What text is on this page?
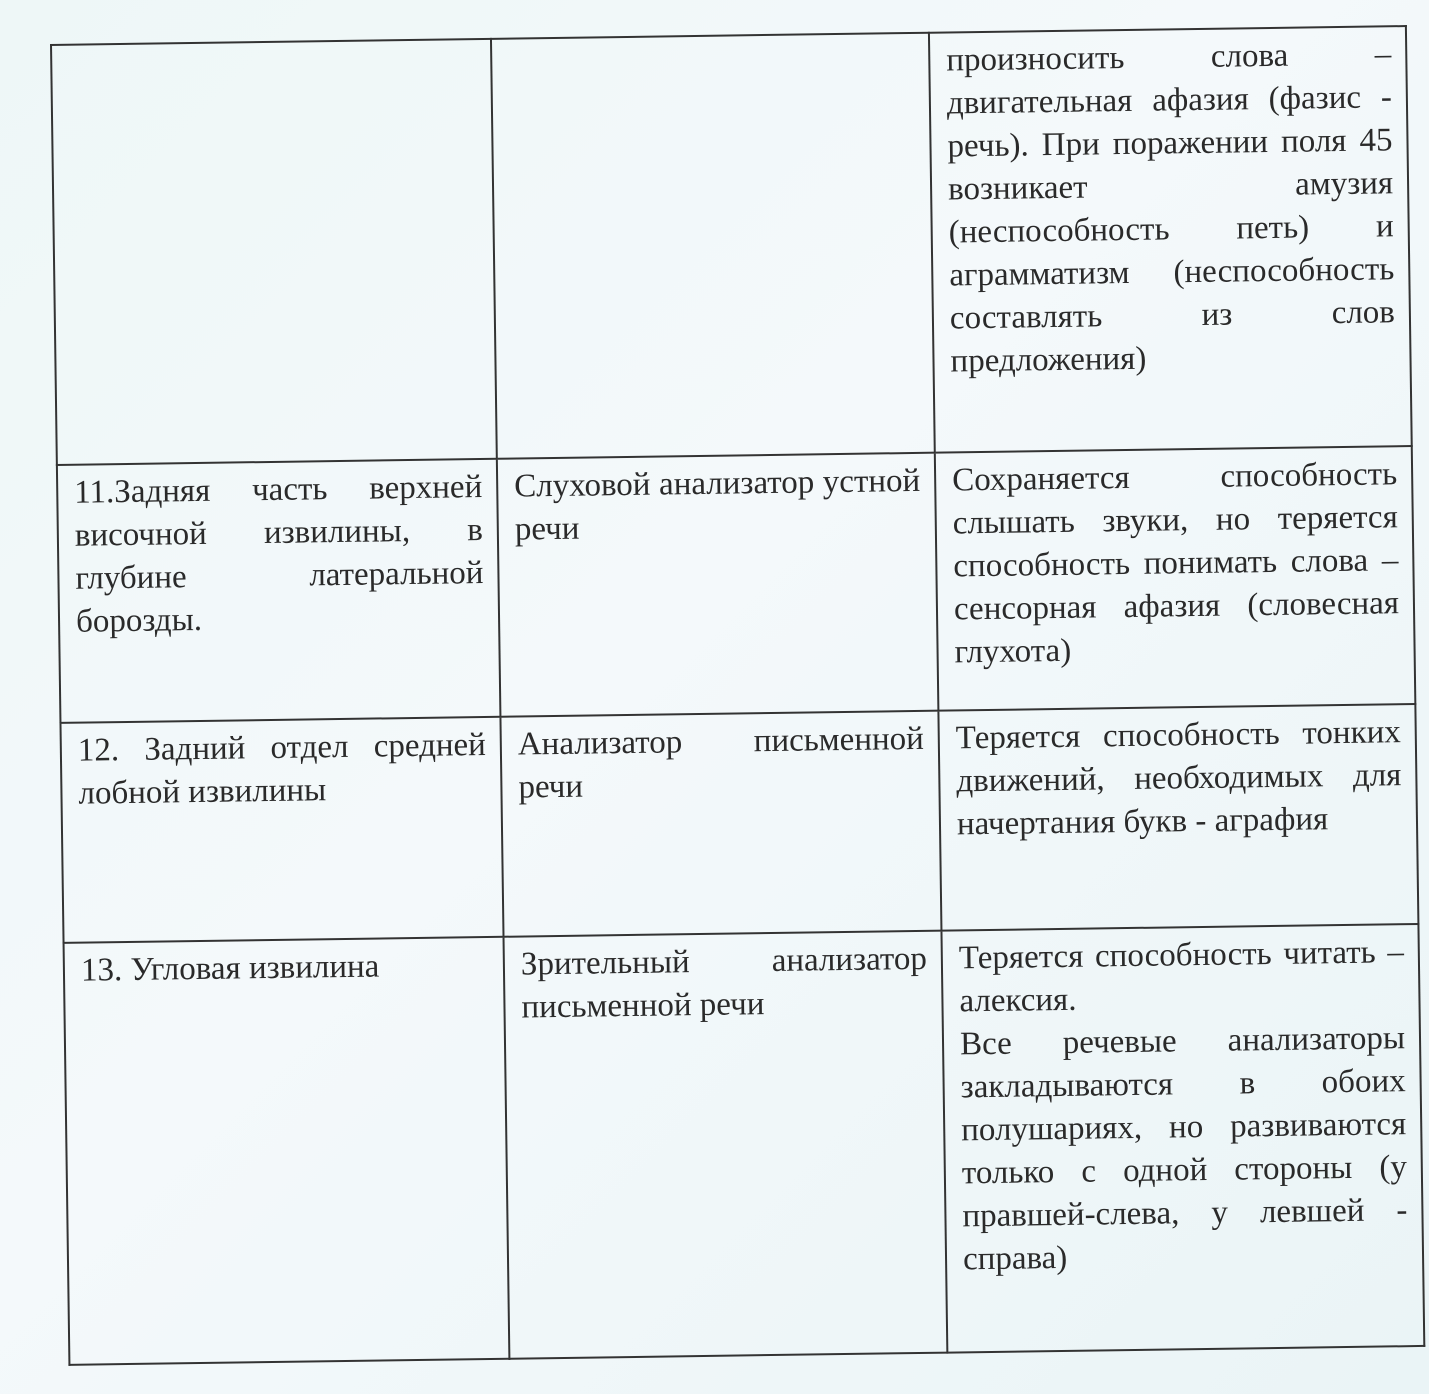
		произносить слова – двигательная афазия (фазис - речь). При поражении поля 45 возникает амузия (неспособность петь) и аграмматизм (неспособность составлять из слов предложения)

11.Задняя часть верхней височной извилины, в глубине латеральной борозды.	Слуховой анализатор устной речи	Сохраняется способность слышать звуки, но теряется способность понимать слова – сенсорная афазия (словесная глухота)

12. Задний отдел средней лобной извилины	Анализатор письменной речи	Теряется способность тонких движений, необходимых для начертания букв - аграфия

13. Угловая извилина	Зрительный анализатор письменной речи	Теряется способность читать – алексия.
Все речевые анализаторы закладываются в обоих полушариях, но развиваются только с одной стороны (у правшей-слева, у левшей - справа)
